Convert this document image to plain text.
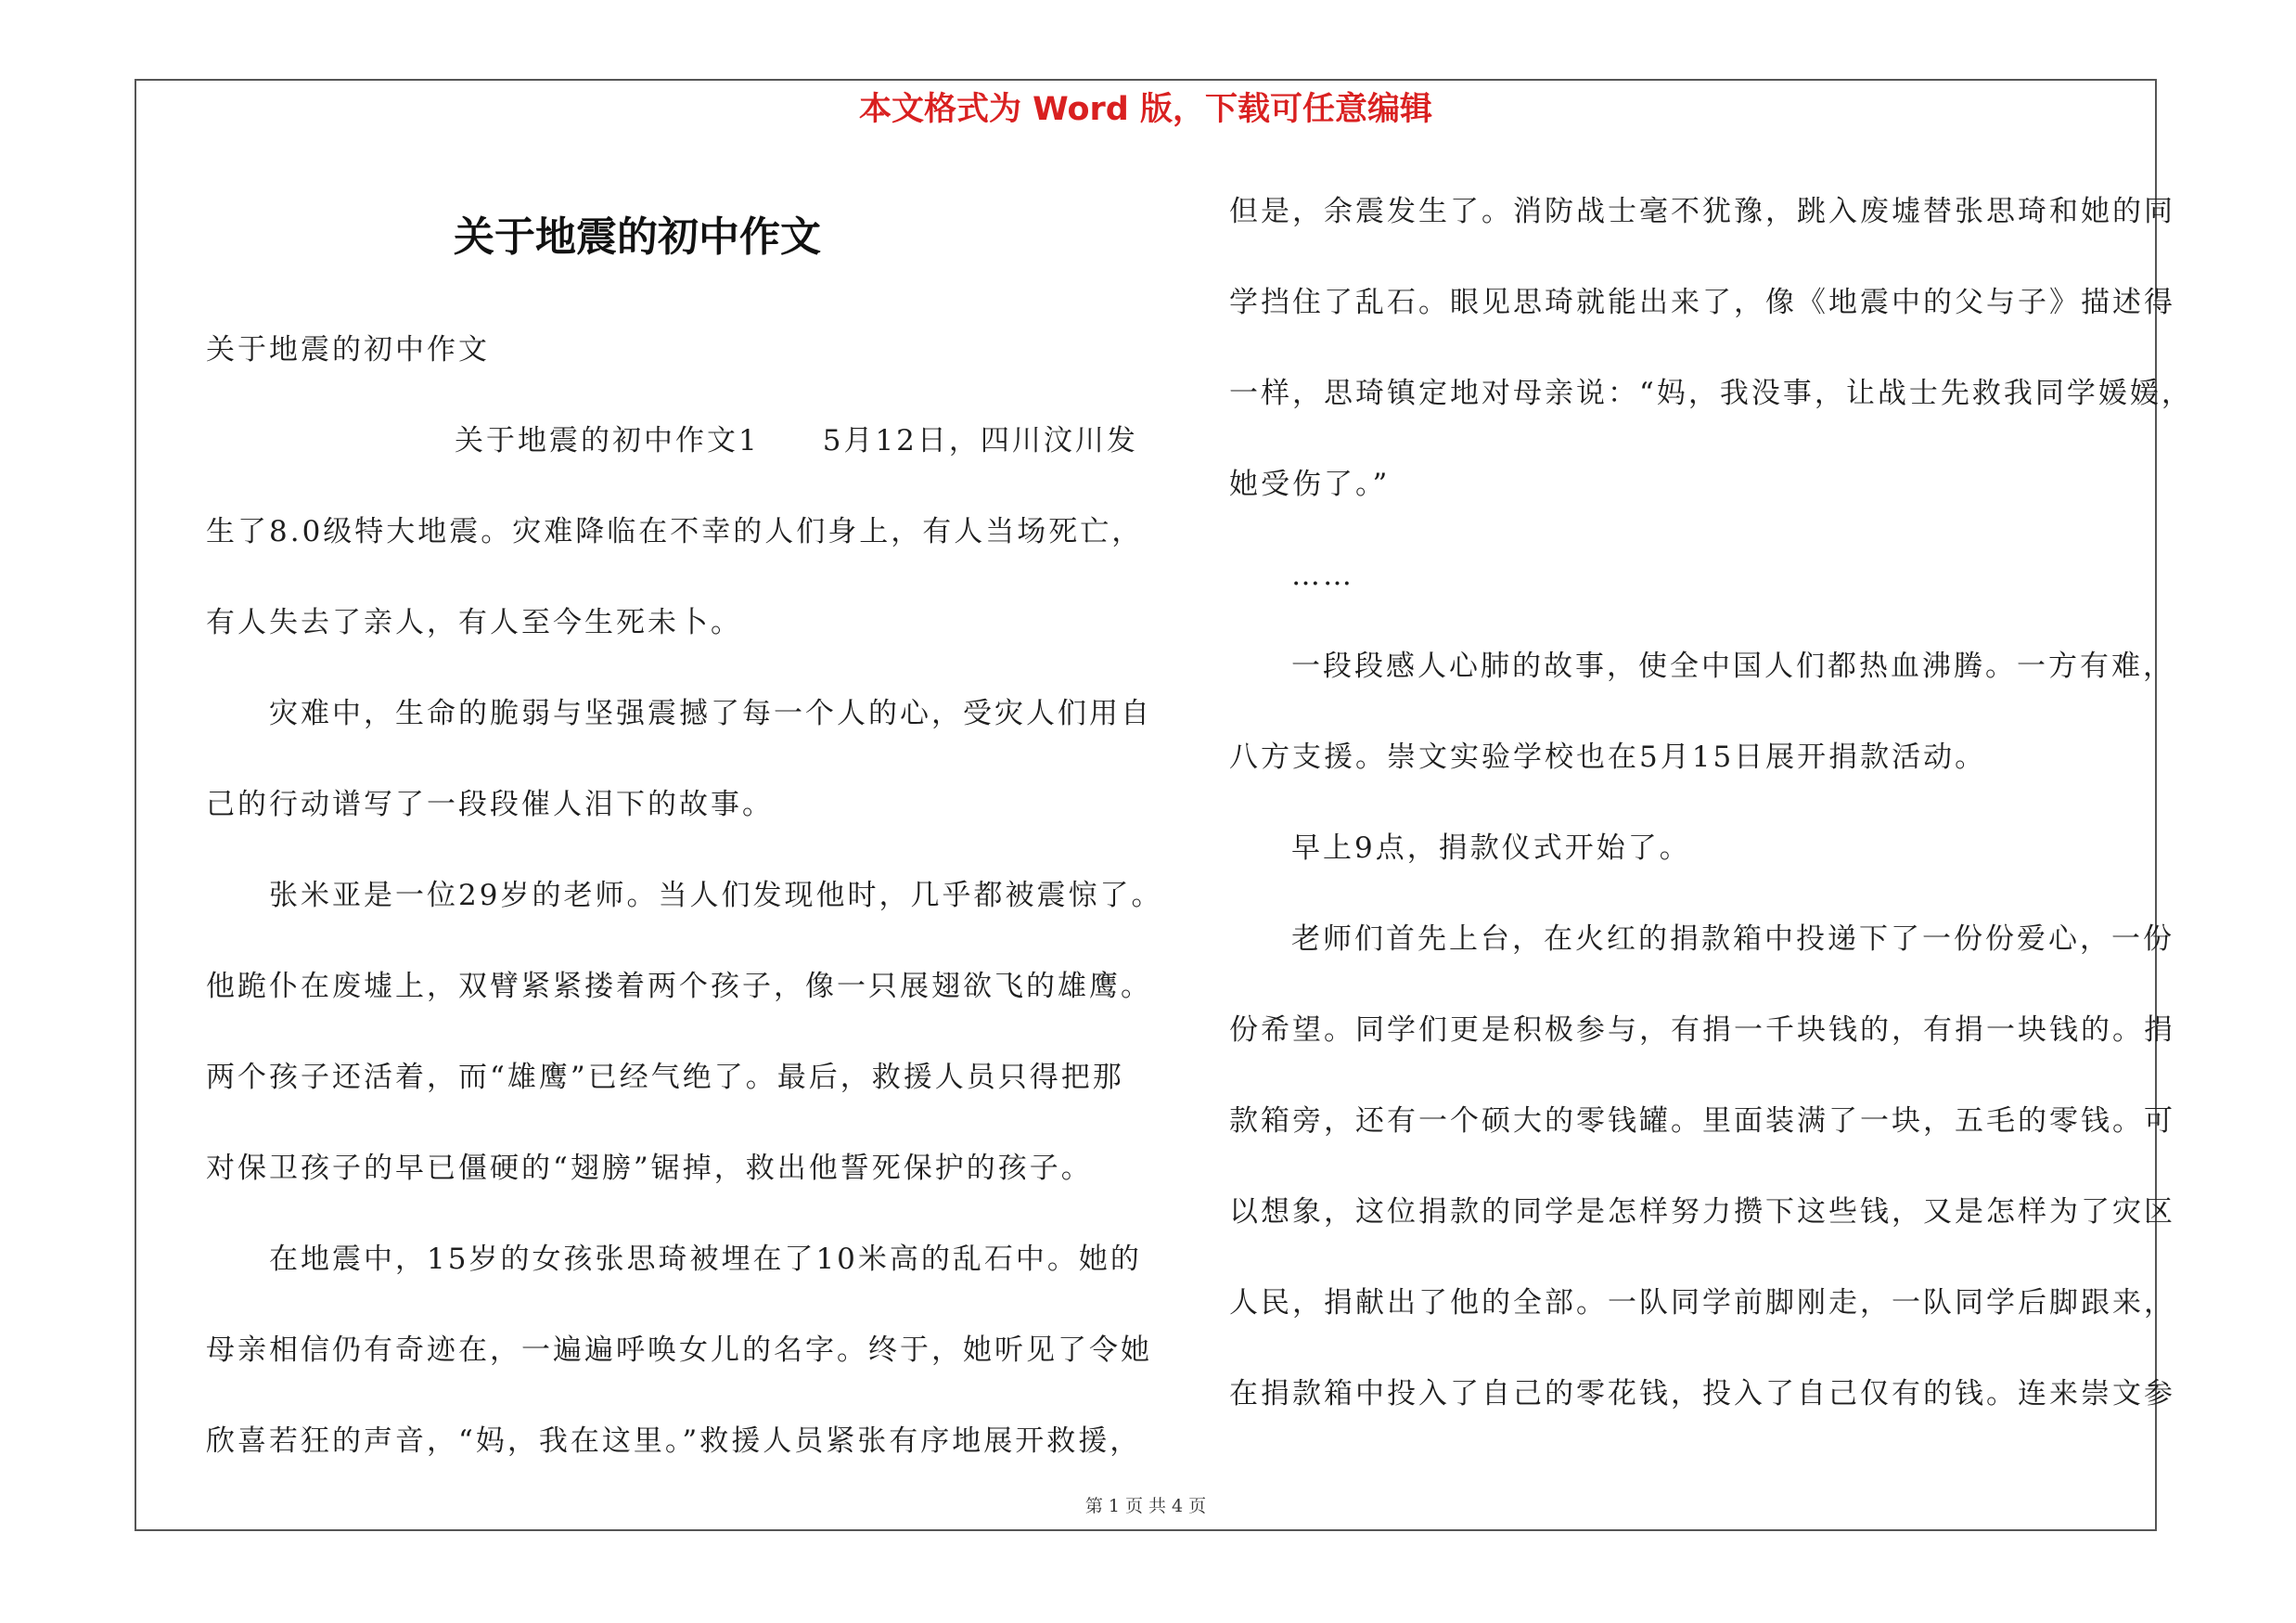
本文格式为 Word 版，下载可任意编辑
关于地震的初中作文
关于地震的初中作文
关于地震的初中作文1　　5月12日，四川汶川发
生了8.0级特大地震。灾难降临在不幸的人们身上，有人当场死亡，
有人失去了亲人，有人至今生死未卜。
灾难中，生命的脆弱与坚强震撼了每一个人的心，受灾人们用自
己的行动谱写了一段段催人泪下的故事。
张米亚是一位29岁的老师。当人们发现他时，几乎都被震惊了。
他跪仆在废墟上，双臂紧紧搂着两个孩子，像一只展翅欲飞的雄鹰。
两个孩子还活着，而“雄鹰”已经气绝了。最后，救援人员只得把那
对保卫孩子的早已僵硬的“翅膀”锯掉，救出他誓死保护的孩子。
在地震中，15岁的女孩张思琦被埋在了10米高的乱石中。她的
母亲相信仍有奇迹在，一遍遍呼唤女儿的名字。终于，她听见了令她
欣喜若狂的声音，“妈，我在这里。”救援人员紧张有序地展开救援，
但是，余震发生了。消防战士毫不犹豫，跳入废墟替张思琦和她的同
学挡住了乱石。眼见思琦就能出来了，像《地震中的父与子》描述得
一样，思琦镇定地对母亲说：“妈，我没事，让战士先救我同学媛媛，
她受伤了。”
……
一段段感人心肺的故事，使全中国人们都热血沸腾。一方有难，
八方支援。崇文实验学校也在5月15日展开捐款活动。
早上9点，捐款仪式开始了。
老师们首先上台，在火红的捐款箱中投递下了一份份爱心，一份
份希望。同学们更是积极参与，有捐一千块钱的，有捐一块钱的。捐
款箱旁，还有一个硕大的零钱罐。里面装满了一块，五毛的零钱。可
以想象，这位捐款的同学是怎样努力攒下这些钱，又是怎样为了灾区
人民，捐献出了他的全部。一队同学前脚刚走，一队同学后脚跟来，
在捐款箱中投入了自己的零花钱，投入了自己仅有的钱。连来崇文参
第 1 页 共 4 页
